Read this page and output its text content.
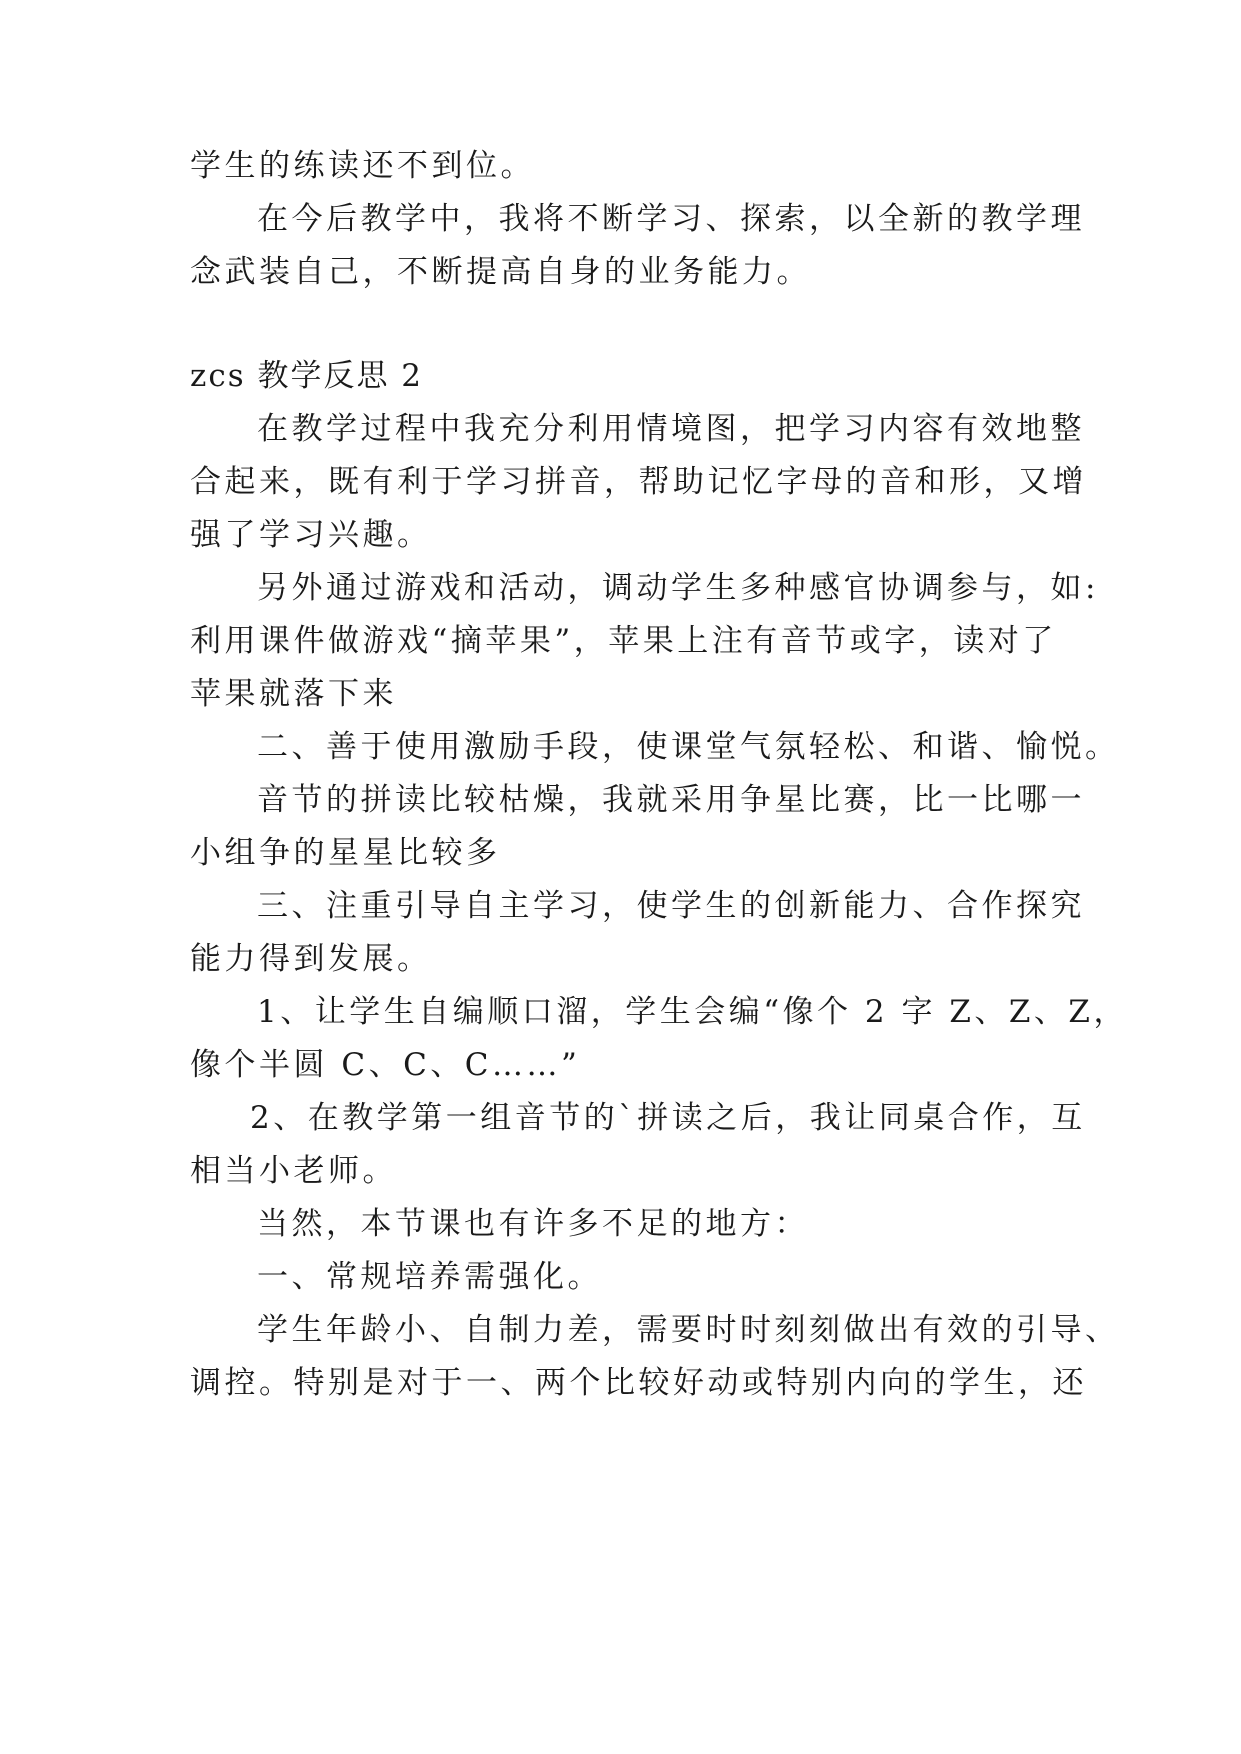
学生的练读还不到位。

在今后教学中，我将不断学习、探索，以全新的教学理

念武装自己，不断提高自身的业务能力。

zcs 教学反思 2

在教学过程中我充分利用情境图，把学习内容有效地整

合起来，既有利于学习拼音，帮助记忆字母的音和形，又增

强了学习兴趣。

另外通过游戏和活动，调动学生多种感官协调参与，如:

利用课件做游戏“摘苹果”，苹果上注有音节或字，读对了

苹果就落下来

二、善于使用激励手段，使课堂气氛轻松、和谐、愉悦。

音节的拼读比较枯燥，我就采用争星比赛，比一比哪一

小组争的星星比较多

三、注重引导自主学习，使学生的创新能力、合作探究

能力得到发展。

1、让学生自编顺口溜，学生会编“像个 2 字 Z、Z、Z，

像个半圆 C、C、C……”

2、在教学第一组音节的`拼读之后，我让同桌合作，互

相当小老师。

当然，本节课也有许多不足的地方：

一、常规培养需强化。

学生年龄小、自制力差，需要时时刻刻做出有效的引导、

调控。特别是对于一、两个比较好动或特别内向的学生，还
